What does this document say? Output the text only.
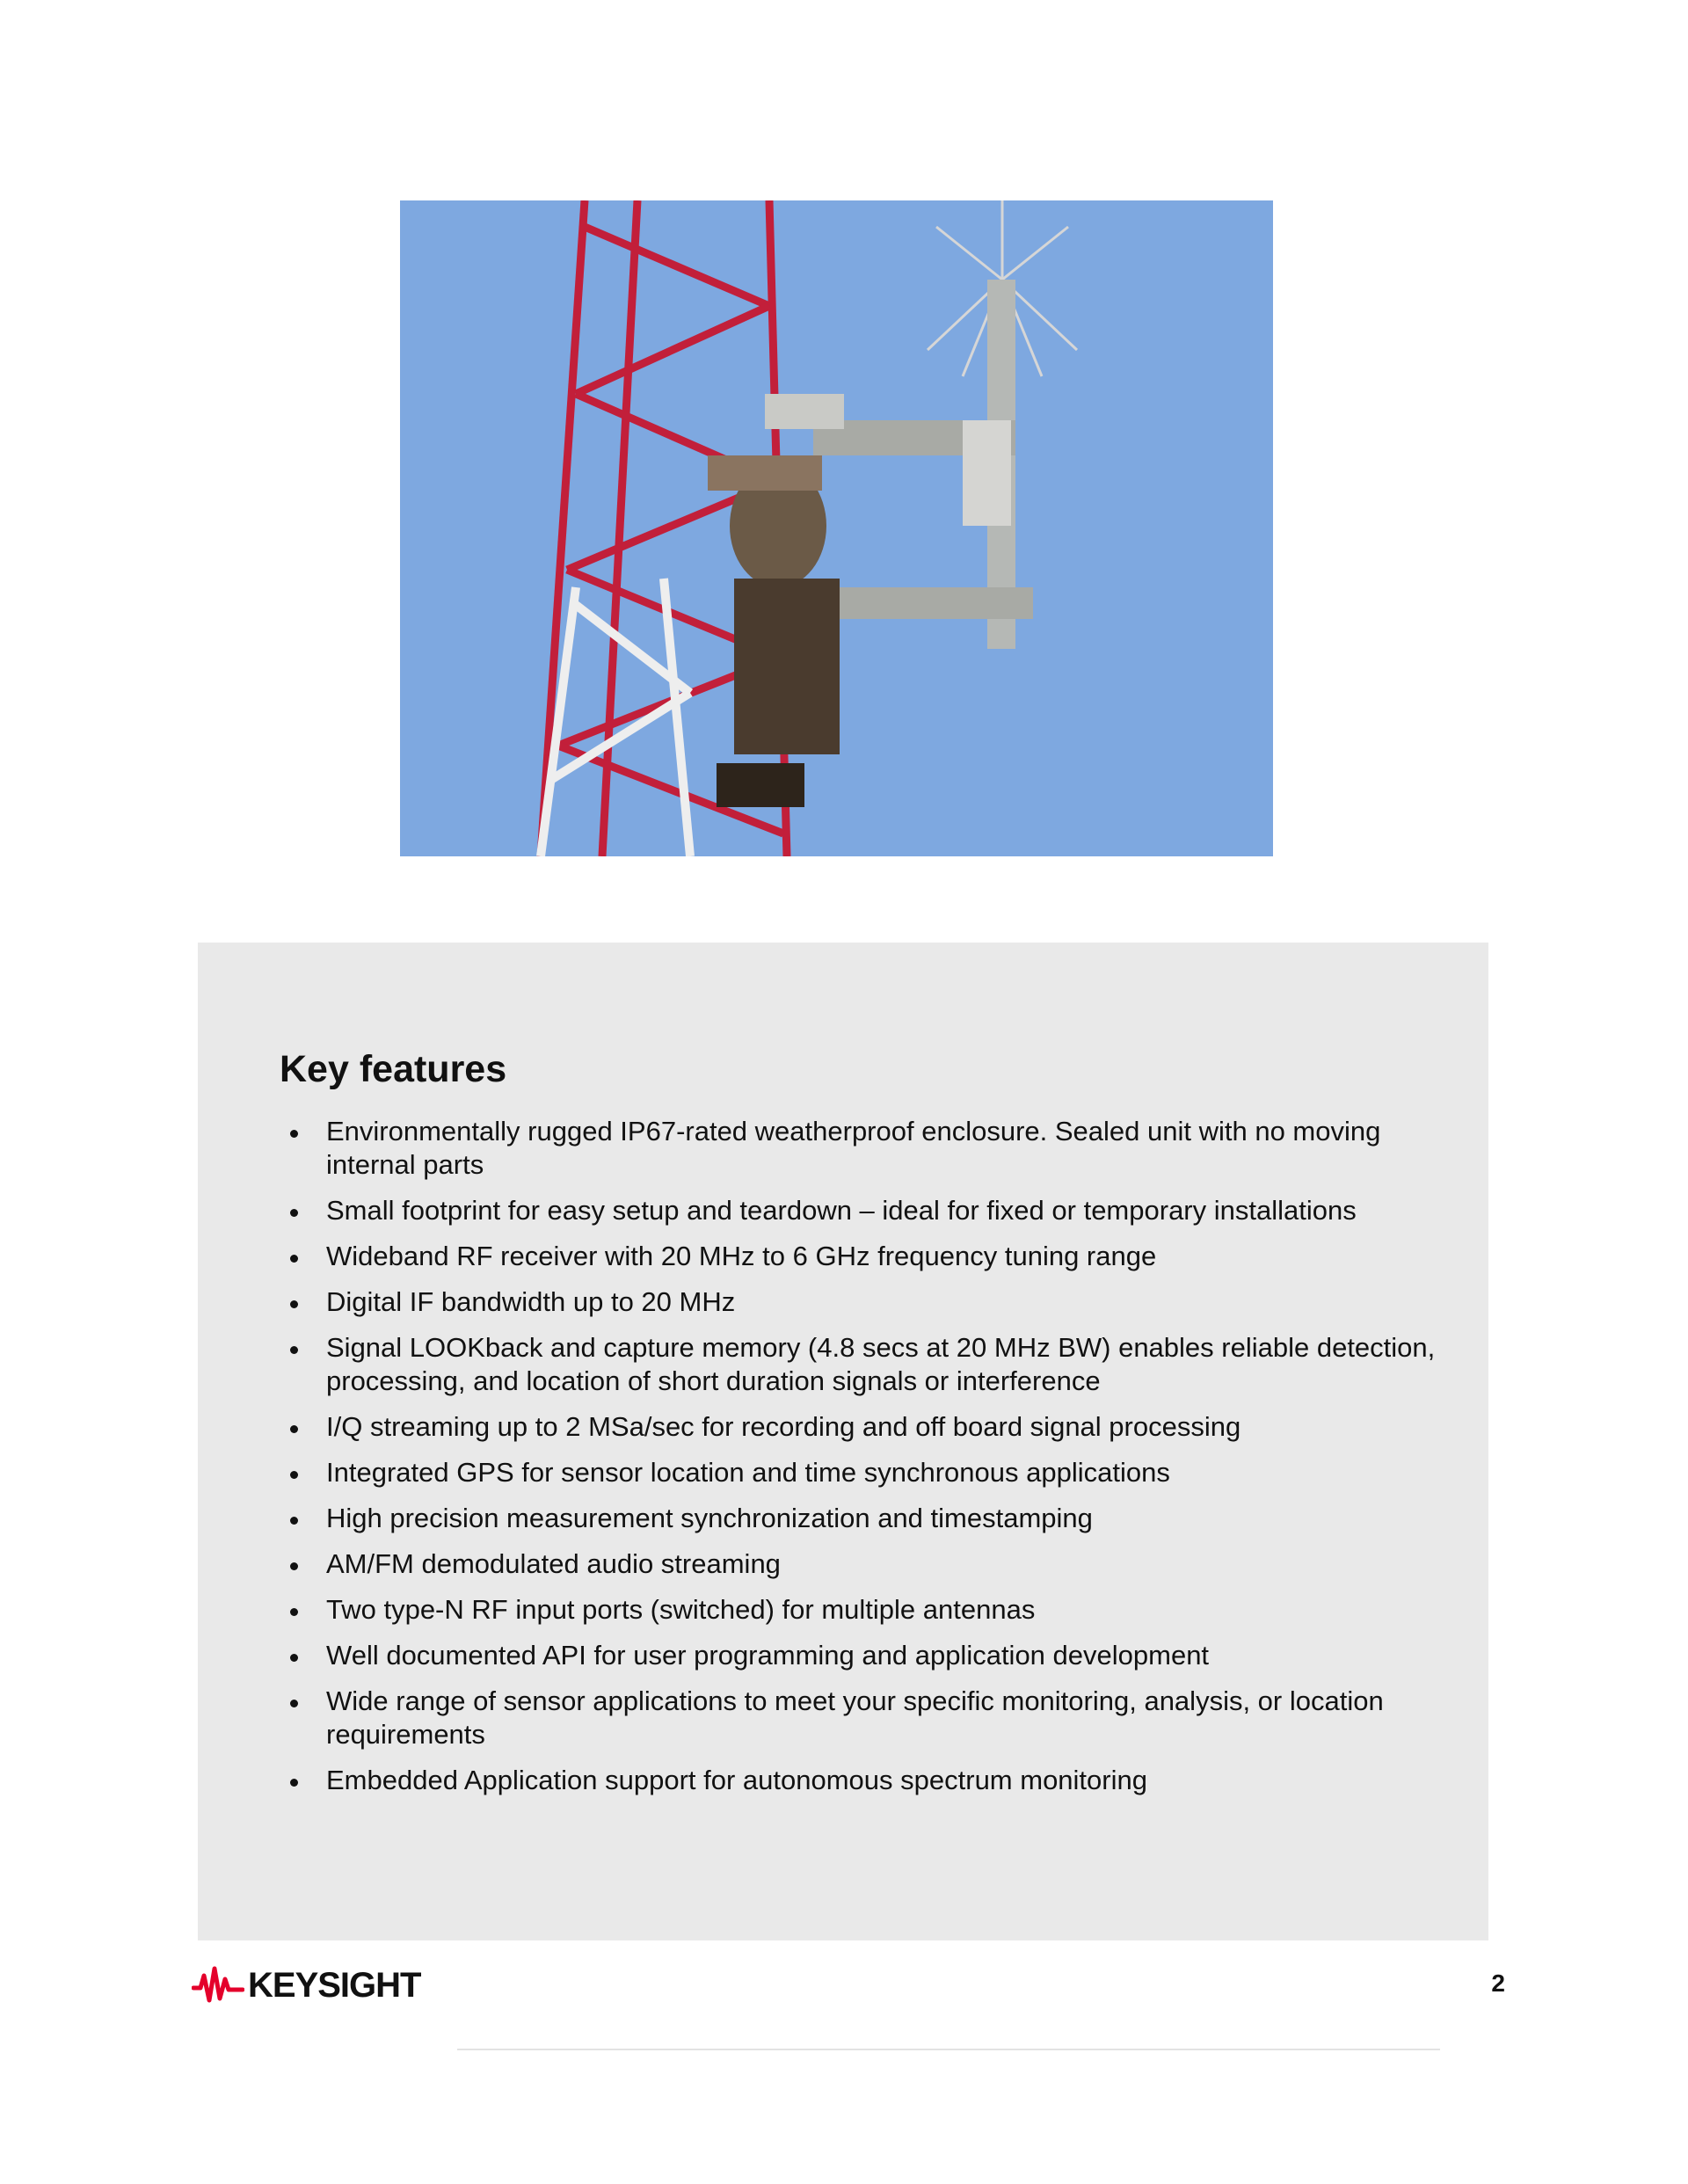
Key features
Environmentally rugged IP67-rated weatherproof enclosure. Sealed unit with no moving internal parts
Small footprint for easy setup and teardown – ideal for fixed or temporary installations
Wideband RF receiver with 20 MHz to 6 GHz frequency tuning range
Digital IF bandwidth up to 20 MHz
Signal LOOKback and capture memory (4.8 secs at 20 MHz BW) enables reliable detection, processing, and location of short duration signals or interference
I/Q streaming up to 2 MSa/sec for recording and off board signal processing
Integrated GPS for sensor location and time synchronous applications
High precision measurement synchronization and timestamping
AM/FM demodulated audio streaming
Two type-N RF input ports (switched) for multiple antennas
Well documented API for user programming and application development
Wide range of sensor applications to meet your specific monitoring, analysis, or location requirements
Embedded Application support for autonomous spectrum monitoring
KEYSIGHT	2
